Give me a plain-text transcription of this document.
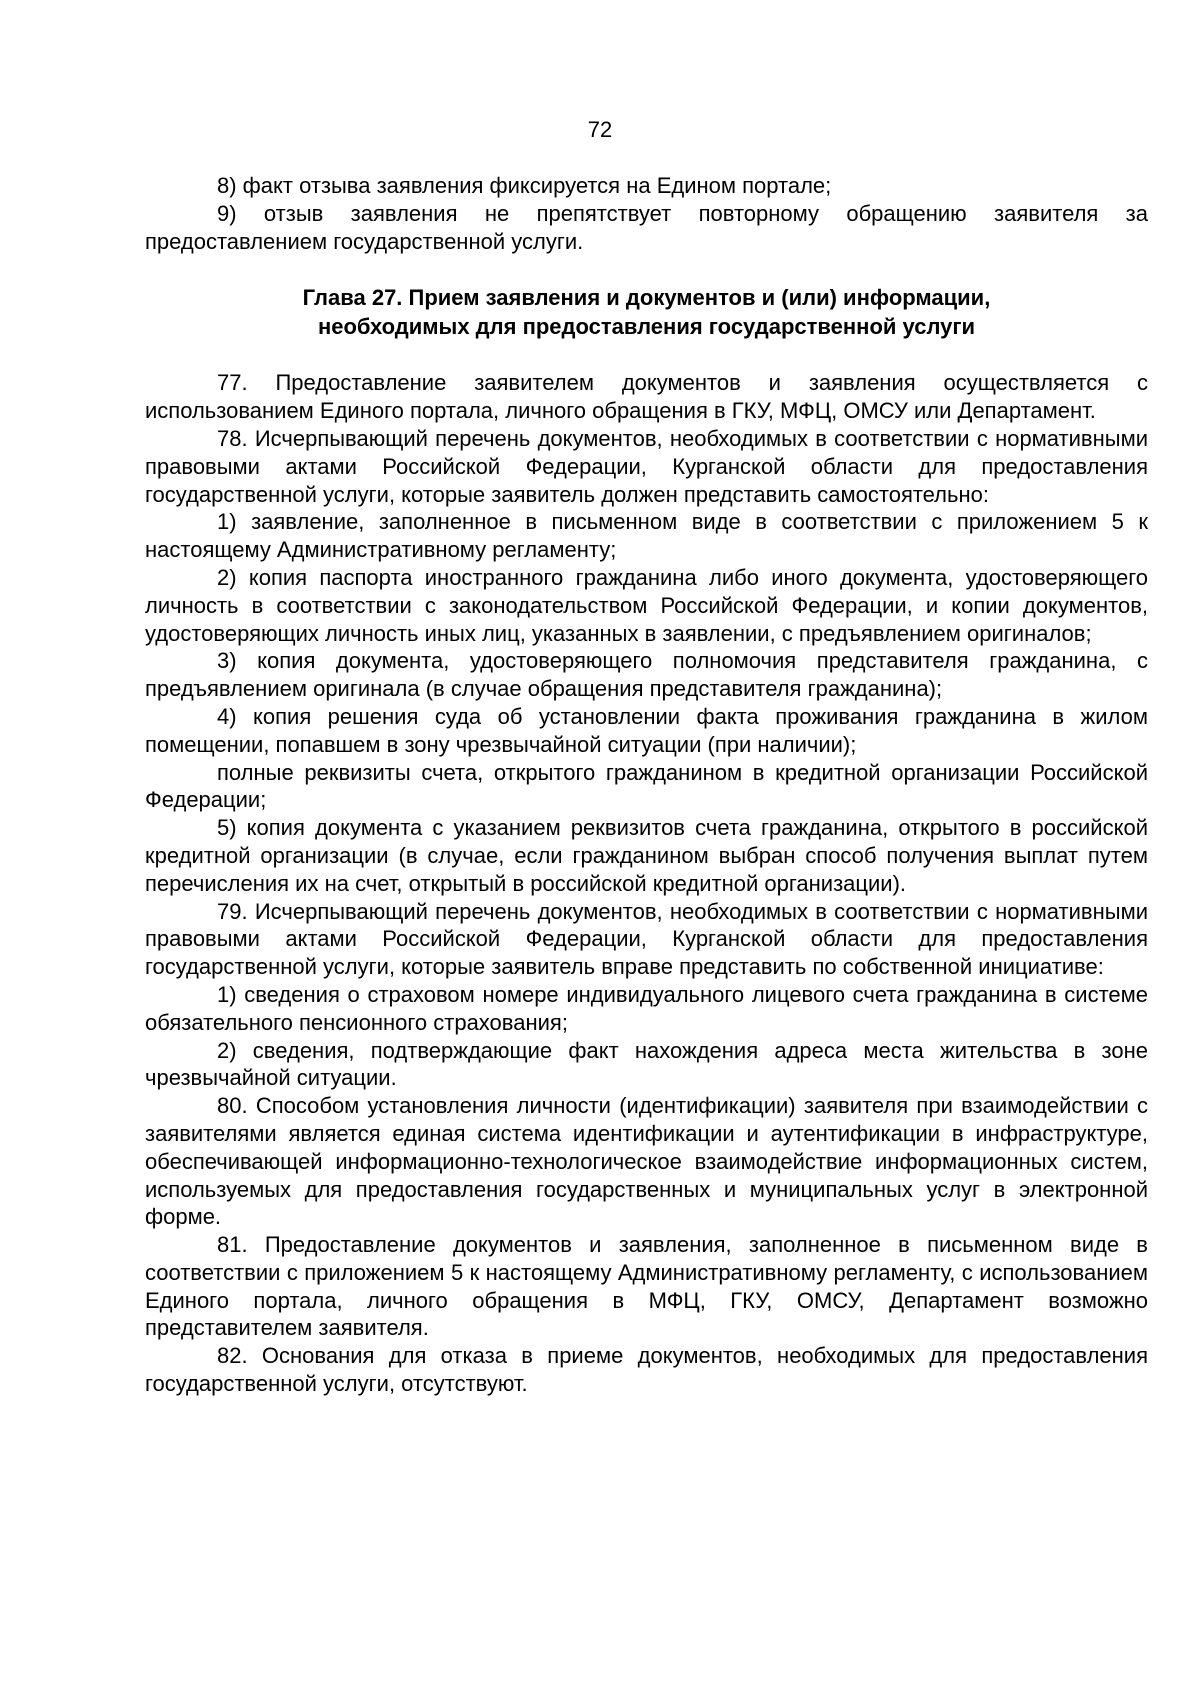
72

8) факт отзыва заявления фиксируется на Едином портале;

9) отзыв заявления не препятствует повторному обращению заявителя за предоставлением государственной услуги.

Глава 27. Прием заявления и документов и (или) информации,
необходимых для предоставления государственной услуги

77. Предоставление заявителем документов и заявления осуществляется с использованием Единого портала, личного обращения в ГКУ, МФЦ, ОМСУ или Департамент.

78. Исчерпывающий перечень документов, необходимых в соответствии с нормативными правовыми актами Российской Федерации, Курганской области для предоставления государственной услуги, которые заявитель должен представить самостоятельно:

1) заявление, заполненное в письменном виде в соответствии с приложением 5 к настоящему Административному регламенту;

2) копия паспорта иностранного гражданина либо иного документа, удостоверяющего личность в соответствии с законодательством Российской Федерации, и копии документов, удостоверяющих личность иных лиц, указанных в заявлении, с предъявлением оригиналов;

3) копия документа, удостоверяющего полномочия представителя гражданина, с предъявлением оригинала (в случае обращения представителя гражданина);

4) копия решения суда об установлении факта проживания гражданина в жилом помещении, попавшем в зону чрезвычайной ситуации (при наличии);

полные реквизиты счета, открытого гражданином в кредитной организации Российской Федерации;

5) копия документа с указанием реквизитов счета гражданина, открытого в российской кредитной организации (в случае, если гражданином выбран способ получения выплат путем перечисления их на счет, открытый в российской кредитной организации).

79. Исчерпывающий перечень документов, необходимых в соответствии с нормативными правовыми актами Российской Федерации, Курганской области для предоставления государственной услуги, которые заявитель вправе представить по собственной инициативе:

1) сведения о страховом номере индивидуального лицевого счета гражданина в системе обязательного пенсионного страхования;

2) сведения, подтверждающие факт нахождения адреса места жительства в зоне чрезвычайной ситуации.

80. Способом установления личности (идентификации) заявителя при взаимодействии с заявителями является единая система идентификации и аутентификации в инфраструктуре, обеспечивающей информационно-технологическое взаимодействие информационных систем, используемых для предоставления государственных и муниципальных услуг в электронной форме.

81. Предоставление документов и заявления, заполненное в письменном виде в соответствии с приложением 5 к настоящему Административному регламенту, с использованием Единого портала, личного обращения в МФЦ, ГКУ, ОМСУ, Департамент возможно представителем заявителя.

82. Основания для отказа в приеме документов, необходимых для предоставления государственной услуги, отсутствуют.
